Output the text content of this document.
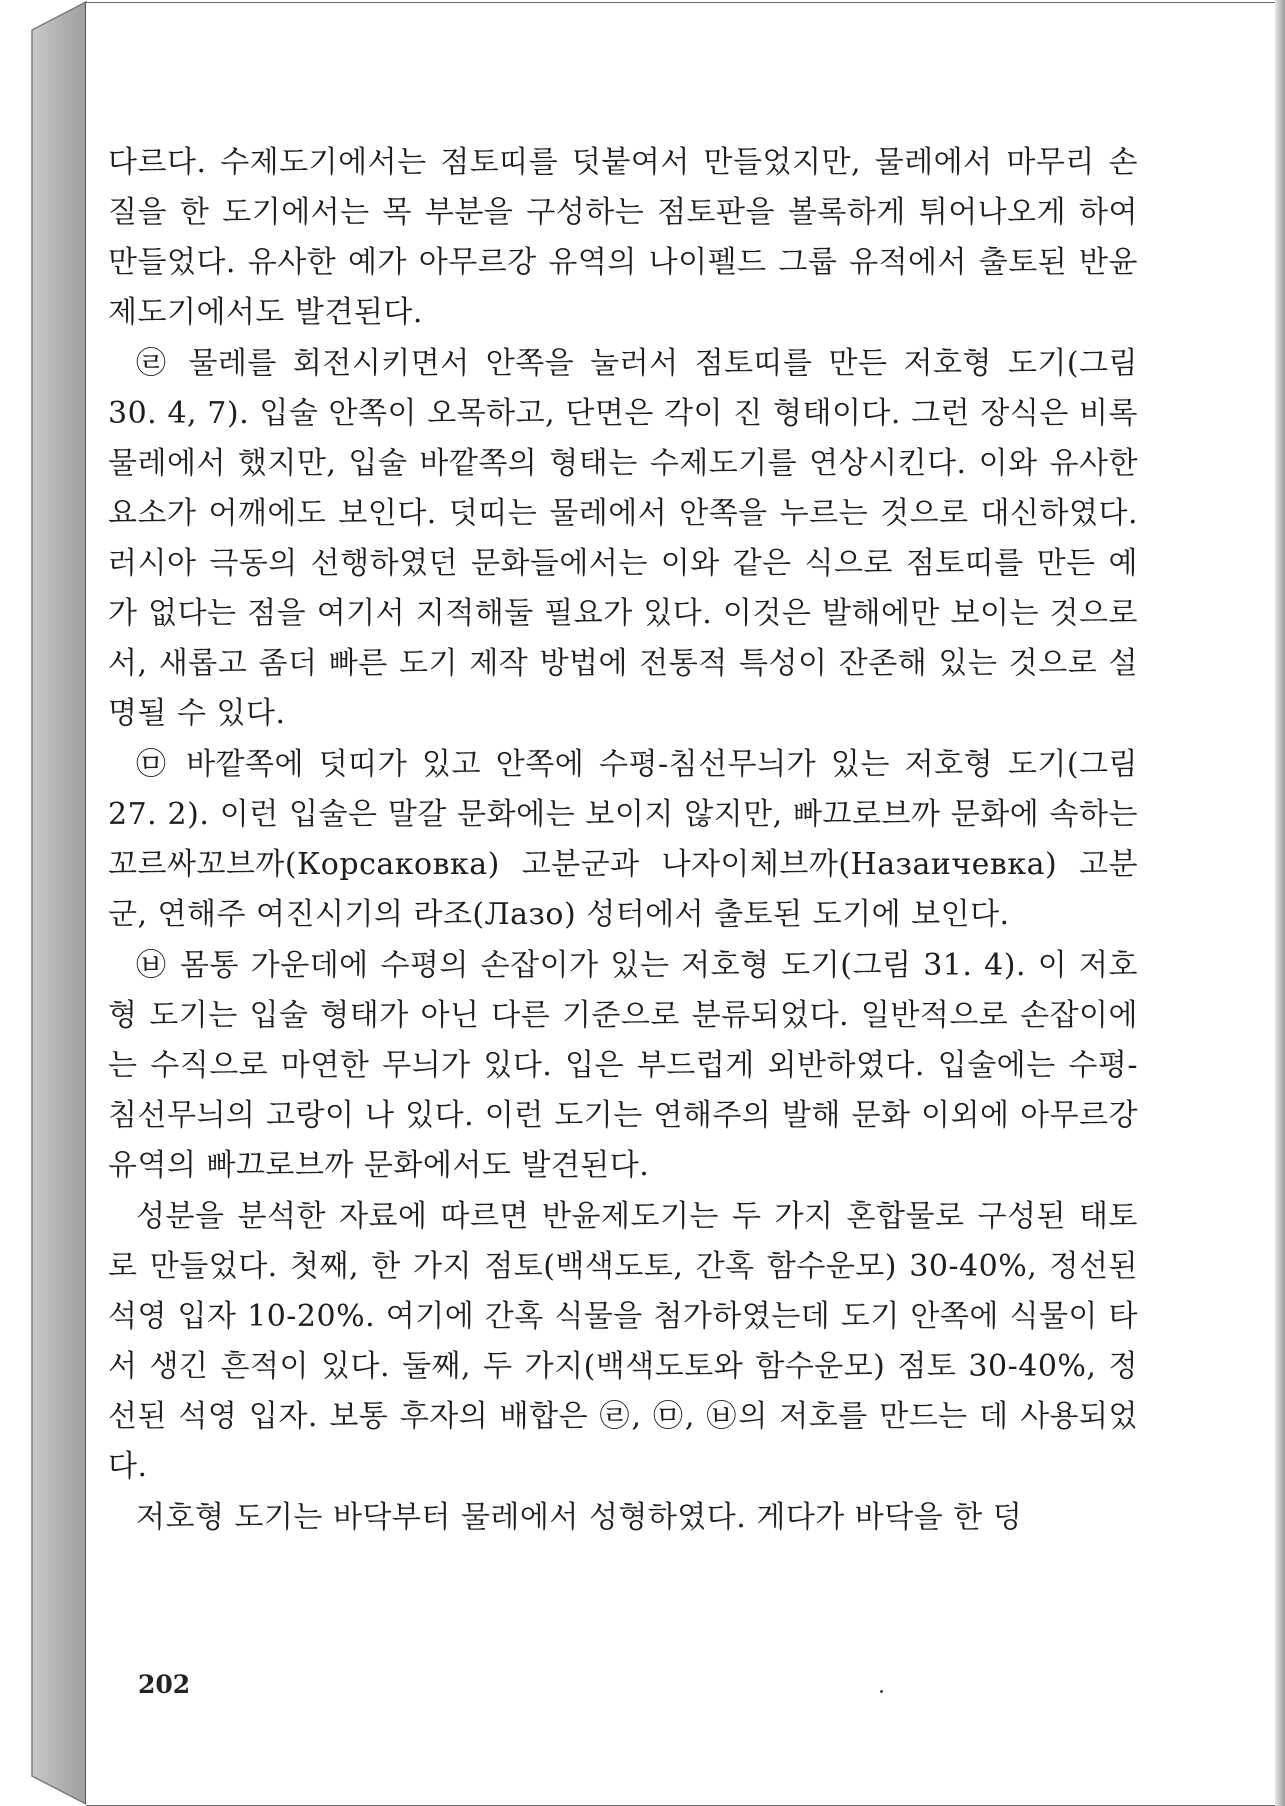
다르다. 수제도기에서는 점토띠를 덧붙여서 만들었지만, 물레에서 마무리 손질을 한 도기에서는 목 부분을 구성하는 점토판을 볼록하게 튀어나오게 하여 만들었다. 유사한 예가 아무르강 유역의 나이펠드 그룹 유적에서 출토된 반윤제도기에서도 발견된다.

㉣ 물레를 회전시키면서 안쪽을 눌러서 점토띠를 만든 저호형 도기(그림 30. 4, 7). 입술 안쪽이 오목하고, 단면은 각이 진 형태이다. 그런 장식은 비록 물레에서 했지만, 입술 바깥쪽의 형태는 수제도기를 연상시킨다. 이와 유사한 요소가 어깨에도 보인다. 덧띠는 물레에서 안쪽을 누르는 것으로 대신하였다. 러시아 극동의 선행하였던 문화들에서는 이와 같은 식으로 점토띠를 만든 예가 없다는 점을 여기서 지적해둘 필요가 있다. 이것은 발해에만 보이는 것으로서, 새롭고 좀더 빠른 도기 제작 방법에 전통적 특성이 잔존해 있는 것으로 설명될 수 있다.

㉤ 바깥쪽에 덧띠가 있고 안쪽에 수평-침선무늬가 있는 저호형 도기(그림 27. 2). 이런 입술은 말갈 문화에는 보이지 않지만, 빠끄로브까 문화에 속하는 꼬르싸꼬브까(Корсаковка) 고분군과 나자이체브까(Назаичевка) 고분군, 연해주 여진시기의 라조(Лазо) 성터에서 출토된 도기에 보인다.

㉥ 몸통 가운데에 수평의 손잡이가 있는 저호형 도기(그림 31. 4). 이 저호형 도기는 입술 형태가 아닌 다른 기준으로 분류되었다. 일반적으로 손잡이에는 수직으로 마연한 무늬가 있다. 입은 부드럽게 외반하였다. 입술에는 수평-침선무늬의 고랑이 나 있다. 이런 도기는 연해주의 발해 문화 이외에 아무르강 유역의 빠끄로브까 문화에서도 발견된다.

성분을 분석한 자료에 따르면 반윤제도기는 두 가지 혼합물로 구성된 태토로 만들었다. 첫째, 한 가지 점토(백색도토, 간혹 함수운모) 30-40%, 정선된 석영 입자 10-20%. 여기에 간혹 식물을 첨가하였는데 도기 안쪽에 식물이 타서 생긴 흔적이 있다. 둘째, 두 가지(백색도토와 함수운모) 점토 30-40%, 정선된 석영 입자. 보통 후자의 배합은 ㉣, ㉤, ㉥의 저호를 만드는 데 사용되었다.

저호형 도기는 바닥부터 물레에서 성형하였다. 게다가 바닥을 한 덩

202
